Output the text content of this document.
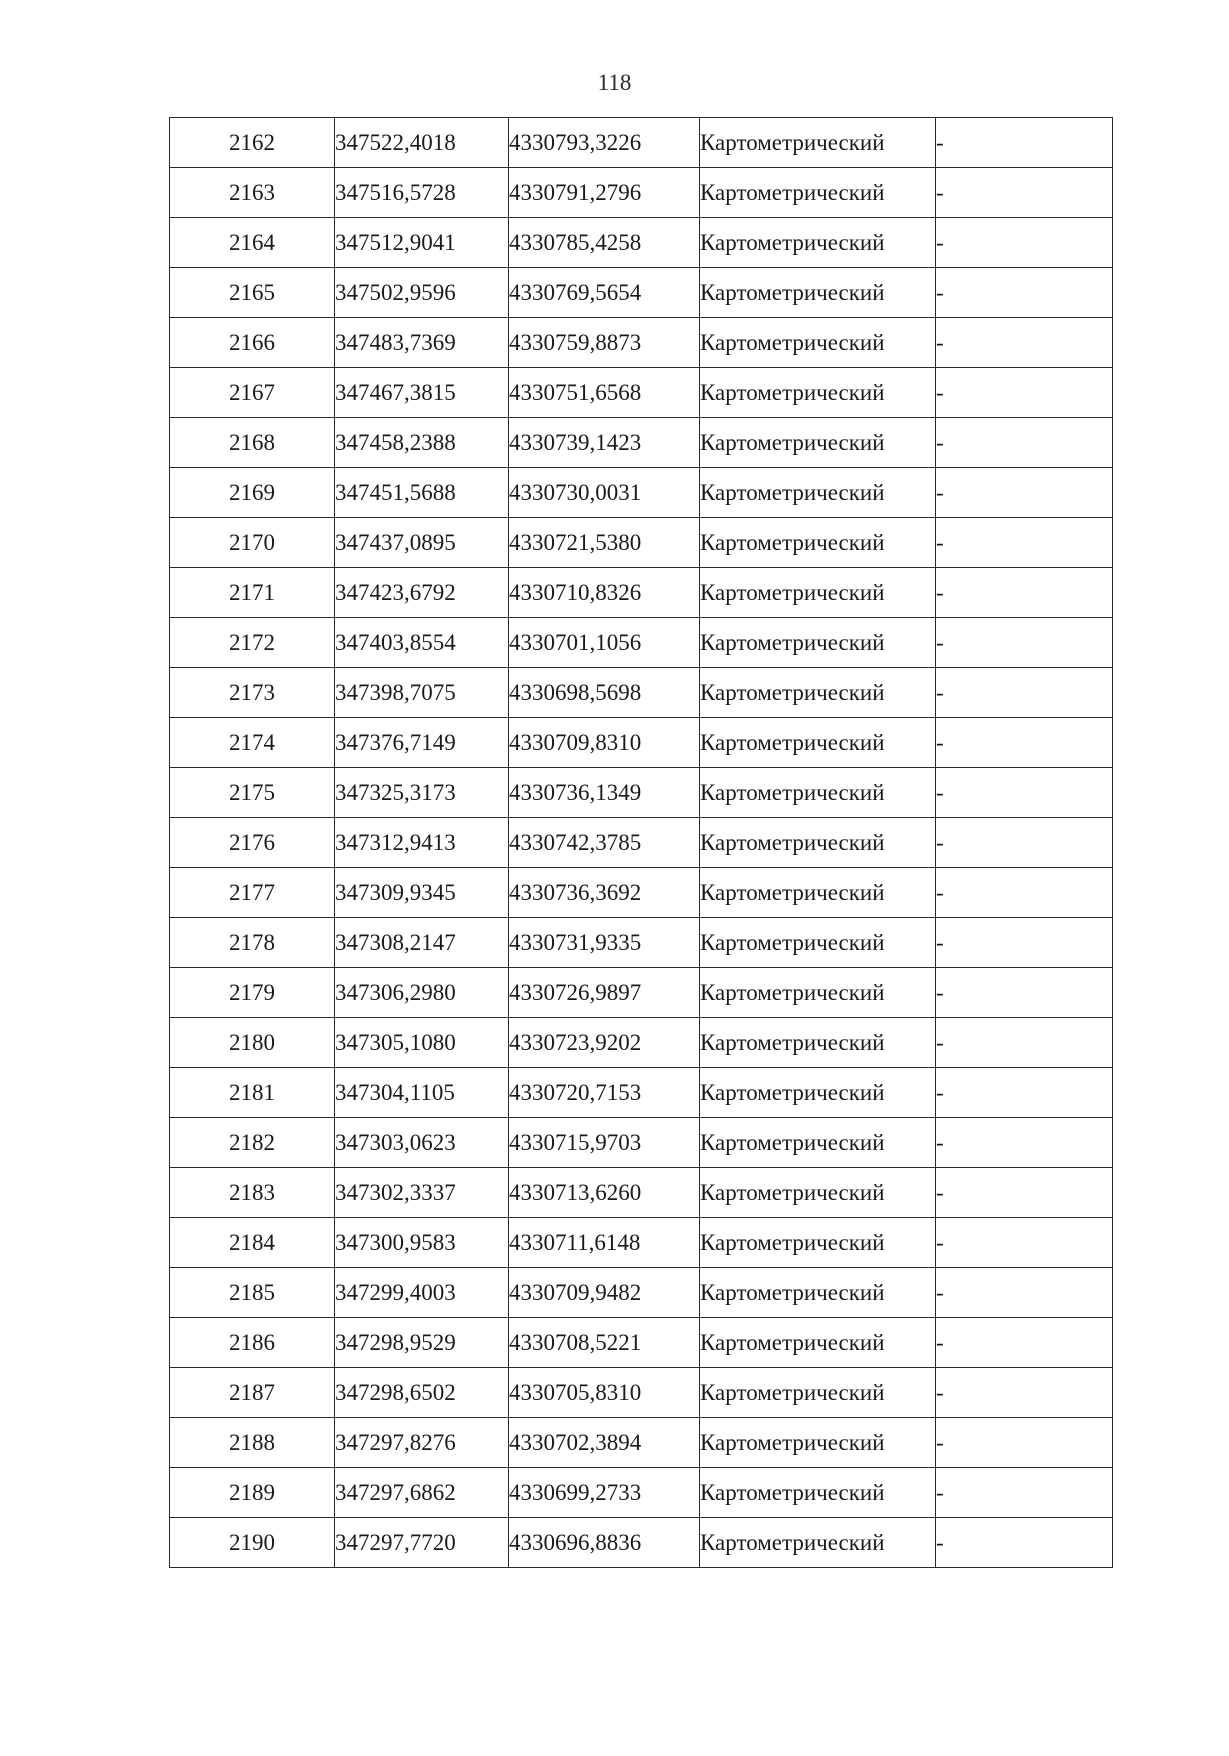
118
2162	347522,4018	4330793,3226	Картометрический	-
2163	347516,5728	4330791,2796	Картометрический	-
2164	347512,9041	4330785,4258	Картометрический	-
2165	347502,9596	4330769,5654	Картометрический	-
2166	347483,7369	4330759,8873	Картометрический	-
2167	347467,3815	4330751,6568	Картометрический	-
2168	347458,2388	4330739,1423	Картометрический	-
2169	347451,5688	4330730,0031	Картометрический	-
2170	347437,0895	4330721,5380	Картометрический	-
2171	347423,6792	4330710,8326	Картометрический	-
2172	347403,8554	4330701,1056	Картометрический	-
2173	347398,7075	4330698,5698	Картометрический	-
2174	347376,7149	4330709,8310	Картометрический	-
2175	347325,3173	4330736,1349	Картометрический	-
2176	347312,9413	4330742,3785	Картометрический	-
2177	347309,9345	4330736,3692	Картометрический	-
2178	347308,2147	4330731,9335	Картометрический	-
2179	347306,2980	4330726,9897	Картометрический	-
2180	347305,1080	4330723,9202	Картометрический	-
2181	347304,1105	4330720,7153	Картометрический	-
2182	347303,0623	4330715,9703	Картометрический	-
2183	347302,3337	4330713,6260	Картометрический	-
2184	347300,9583	4330711,6148	Картометрический	-
2185	347299,4003	4330709,9482	Картометрический	-
2186	347298,9529	4330708,5221	Картометрический	-
2187	347298,6502	4330705,8310	Картометрический	-
2188	347297,8276	4330702,3894	Картометрический	-
2189	347297,6862	4330699,2733	Картометрический	-
2190	347297,7720	4330696,8836	Картометрический	-
